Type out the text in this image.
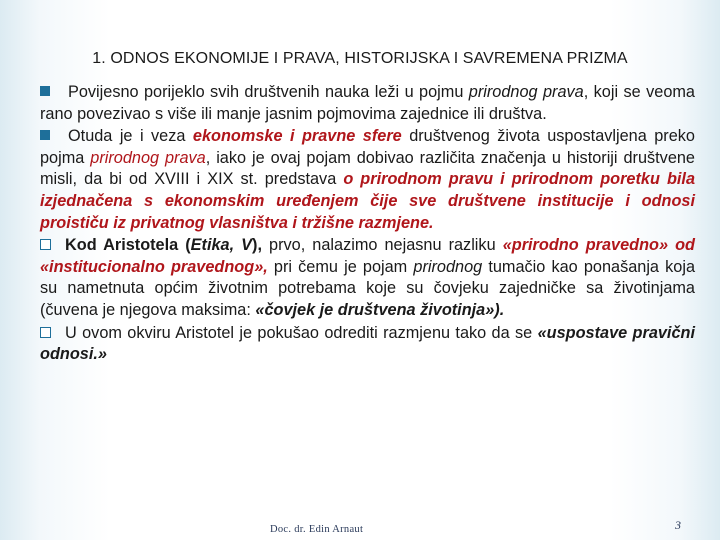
1. ODNOS EKONOMIJE I PRAVA, HISTORIJSKA I SAVREMENA PRIZMA

Povijesno porijeklo svih društvenih nauka leži u pojmu prirodnog prava, koji se veoma rano povezivao s više ili manje jasnim pojmovima zajednice ili društva.

Otuda je i veza ekonomske i pravne sfere društvenog života uspostavljena preko pojma prirodnog prava, iako je ovaj pojam dobivao različita značenja u historiji društvene misli, da bi od XVIII i XIX st. predstava o prirodnom pravu i prirodnom poretku bila izjednačena s ekonomskim uređenjem čije sve društvene institucije i odnosi proističu iz privatnog vlasništva i tržišne razmjene.

Kod Aristotela (Etika, V), prvo, nalazimo nejasnu razliku «prirodno pravedno» od «institucionalno pravednog», pri čemu je pojam prirodnog tumačio kao ponašanja koja su nametnuta općim životnim potrebama koje su čovjeku zajedničke sa životinjama (čuvena je njegova maksima: «čovjek je društvena životinja»).

U ovom okviru Aristotel je pokušao odrediti razmjenu tako da se «uspostave pravični odnosi.»

Doc. dr. Edin Arnaut	3
